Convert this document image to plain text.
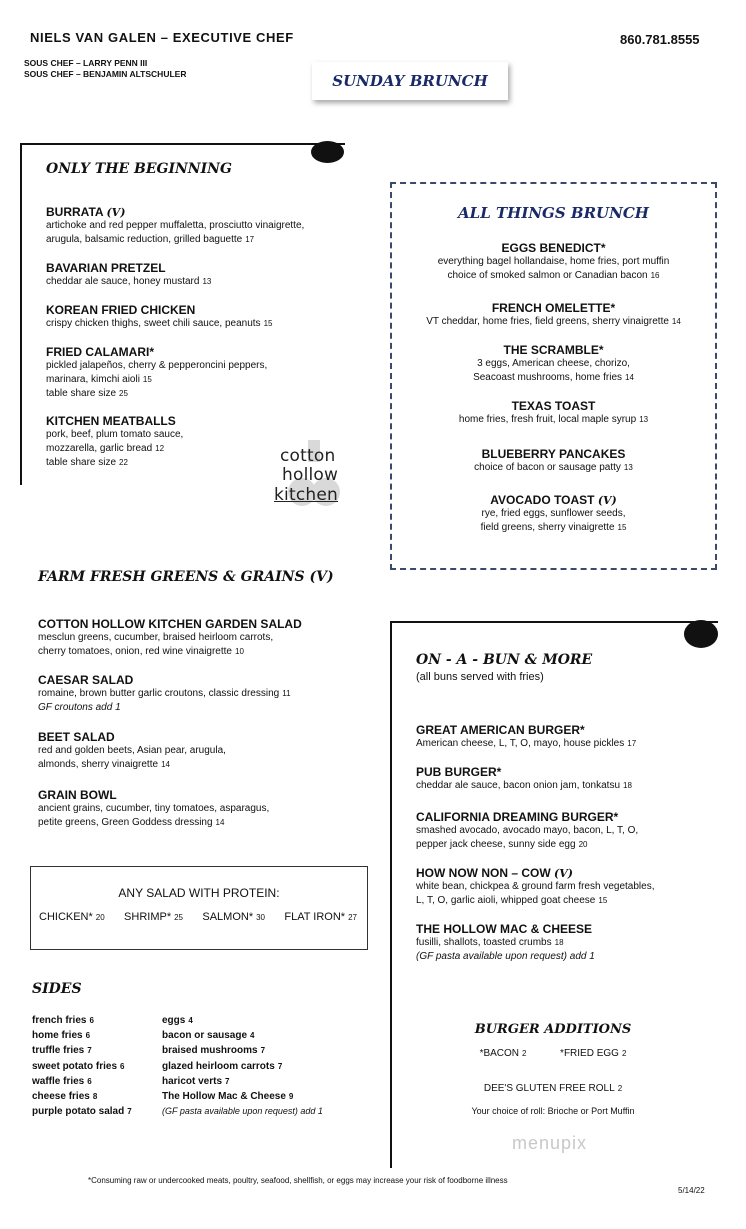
NIELS VAN GALEN – EXECUTIVE CHEF	860.781.8555
SOUS CHEF – LARRY PENN III
SOUS CHEF – BENJAMIN ALTSCHULER	SUNDAY BRUNCH
ONLY THE BEGINNING
BURRATA (V)
artichoke and red pepper muffaletta, prosciutto vinaigrette,
arugula, balsamic reduction, grilled baguette 17
BAVARIAN PRETZEL
cheddar ale sauce, honey mustard 13
KOREAN FRIED CHICKEN
crispy chicken thighs, sweet chili sauce, peanuts 15
FRIED CALAMARI*
pickled jalapeños, cherry & pepperoncini peppers,
marinara, kimchi aioli 15
table share size 25
KITCHEN MEATBALLS
pork, beef, plum tomato sauce,
mozzarella, garlic bread 12
table share size 22	cotton
hollow
kitchen
ALL THINGS BRUNCH
EGGS BENEDICT*
everything bagel hollandaise, home fries, port muffin
choice of smoked salmon or Canadian bacon 16
FRENCH OMELETTE*
VT cheddar, home fries, field greens, sherry vinaigrette 14
THE SCRAMBLE*
3 eggs, American cheese, chorizo,
Seacoast mushrooms, home fries 14
TEXAS TOAST
home fries, fresh fruit, local maple syrup 13
BLUEBERRY PANCAKES
choice of bacon or sausage patty 13
AVOCADO TOAST (V)
rye, fried eggs, sunflower seeds,
field greens, sherry vinaigrette 15
FARM FRESH GREENS & GRAINS (V)
COTTON HOLLOW KITCHEN GARDEN SALAD
mesclun greens, cucumber, braised heirloom carrots,
cherry tomatoes, onion, red wine vinaigrette 10
CAESAR SALAD
romaine, brown butter garlic croutons, classic dressing 11
GF croutons add 1
BEET SALAD
red and golden beets, Asian pear, arugula,
almonds, sherry vinaigrette 14
GRAIN BOWL
ancient grains, cucumber, tiny tomatoes, asparagus,
petite greens, Green Goddess dressing 14
ANY SALAD WITH PROTEIN:
CHICKEN* 20 SHRIMP* 25 SALMON* 30 FLAT IRON* 27
SIDES
french fries 6
home fries 6
truffle fries 7
sweet potato fries 6
waffle fries 6
cheese fries 8
purple potato salad 7
eggs 4
bacon or sausage 4
braised mushrooms 7
glazed heirloom carrots 7
haricot verts 7
The Hollow Mac & Cheese 9
(GF pasta available upon request) add 1
ON - A - BUN & MORE
(all buns served with fries)
GREAT AMERICAN BURGER*
American cheese, L, T, O, mayo, house pickles 17
PUB BURGER*
cheddar ale sauce, bacon onion jam, tonkatsu 18
CALIFORNIA DREAMING BURGER*
smashed avocado, avocado mayo, bacon, L, T, O,
pepper jack cheese, sunny side egg 20
HOW NOW NON – COW (V)
white bean, chickpea & ground farm fresh vegetables,
L, T, O, garlic aioli, whipped goat cheese 15
THE HOLLOW MAC & CHEESE
fusilli, shallots, toasted crumbs 18
(GF pasta available upon request) add 1
BURGER ADDITIONS
*BACON 2	*FRIED EGG 2
DEE'S GLUTEN FREE ROLL 2
Your choice of roll: Brioche or Port Muffin
menupix
*Consuming raw or undercooked meats, poultry, seafood, shellfish, or eggs may increase your risk of foodborne illness
5/14/22
